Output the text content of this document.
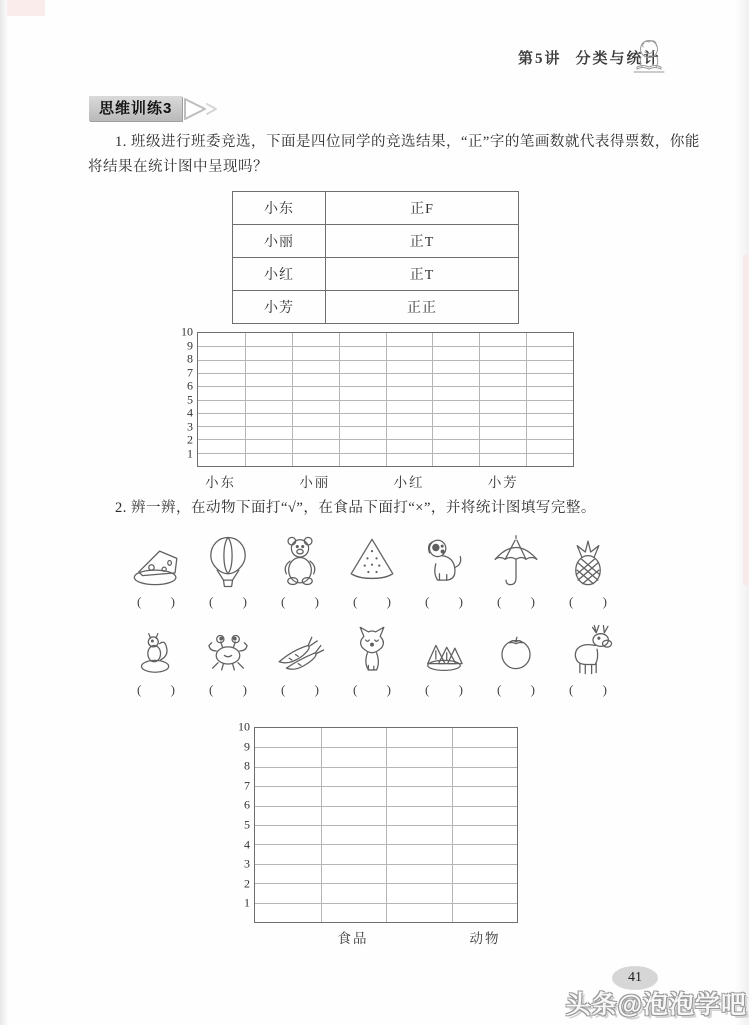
第5讲 分类与统计
思维训练3
1. 班级进行班委竞选，下面是四位同学的竞选结果，“正”字的笔画数就代表得票数，你能
将结果在统计图中呈现吗？
小东	正F
小丽	正T
小红	正T
小芳	正正
10
9
8
7
6
5
4
3
2
1
小东	小丽	小红	小芳
2. 辨一辨，在动物下面打“√”，在食品下面打“×”，并将统计图填写完整。
( )	( )	( )	( )	( )	( )	( )
( )	( )	( )	( )	( )	( )	( )
10
9
8
7
6
5
4
3
2
1
食品	动物
41
头条@泡泡学吧
